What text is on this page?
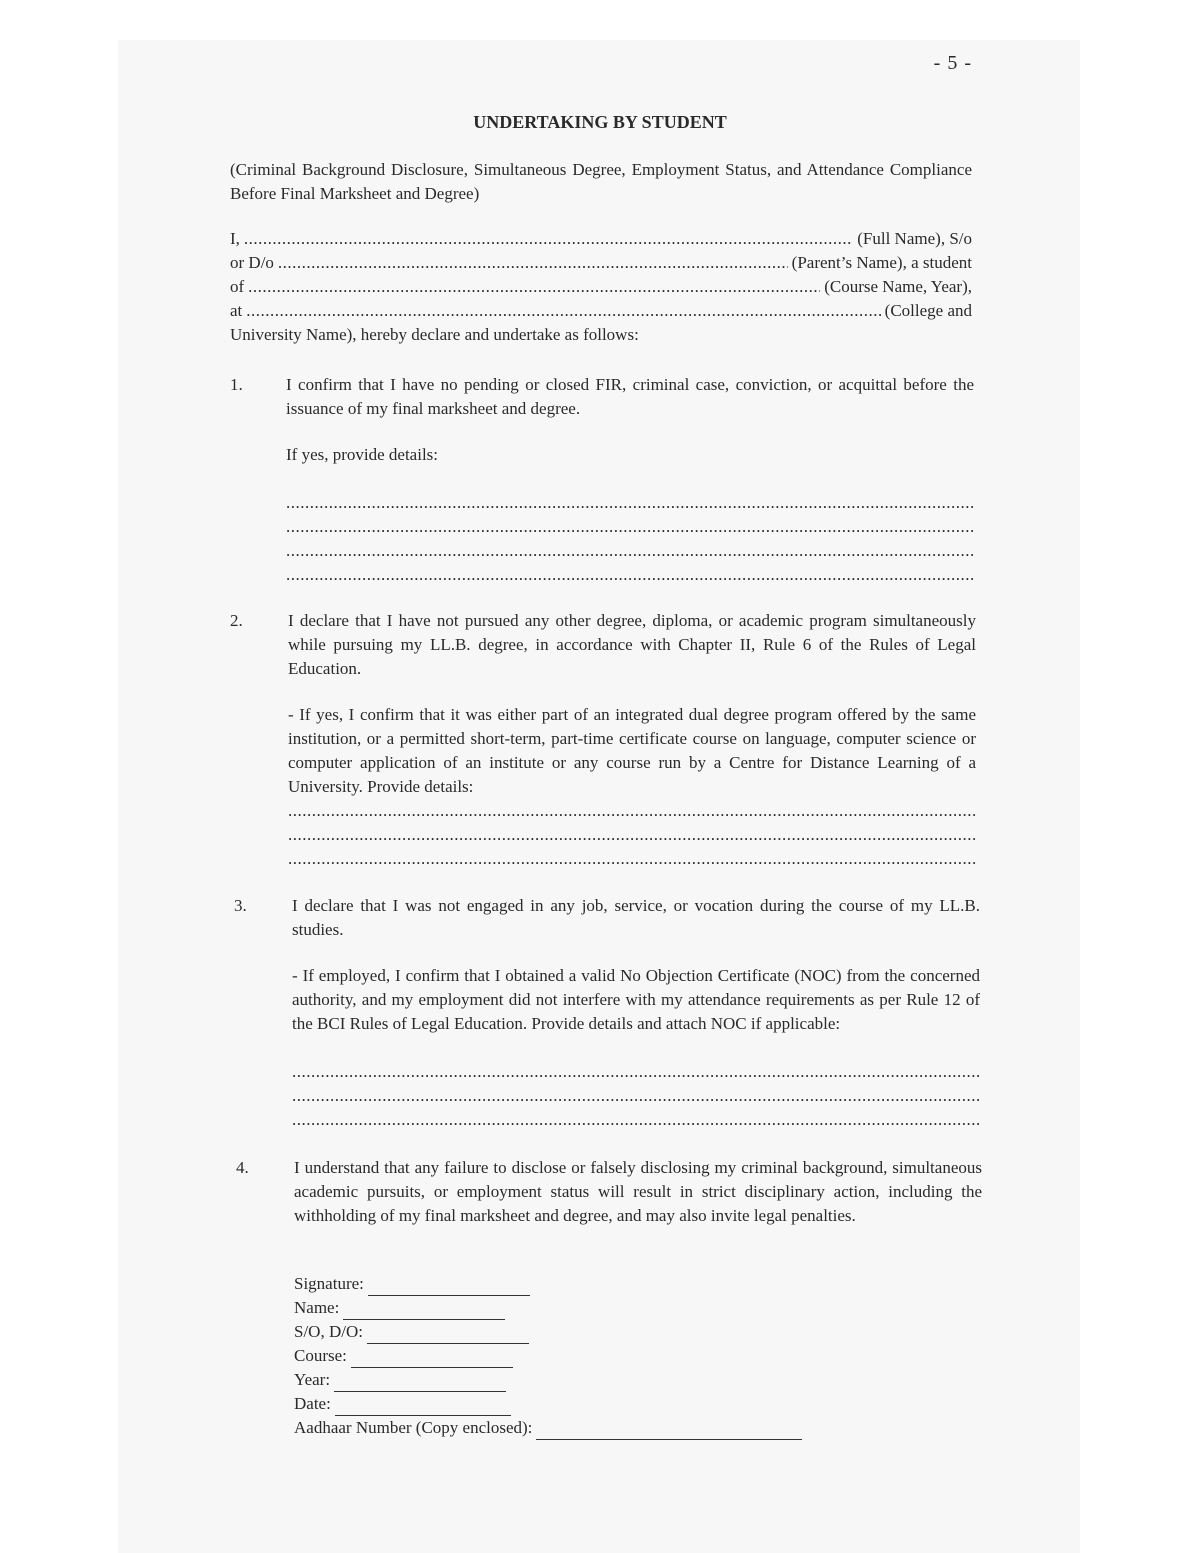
- 5 -
UNDERTAKING BY STUDENT
(Criminal Background Disclosure, Simultaneous Degree, Employment Status, and Attendance Compliance Before Final Marksheet and Degree)
I, .....	(Full Name), S/o
or D/o .....	(Parent’s Name), a student
of .....	(Course Name, Year),
at .....	(College and
University Name), hereby declare and undertake as follows:
1.	I confirm that I have no pending or closed FIR, criminal case, conviction, or acquittal before the issuance of my final marksheet and degree.
If yes, provide details:
.....
.....
.....
.....
2.	I declare that I have not pursued any other degree, diploma, or academic program simultaneously while pursuing my LL.B. degree, in accordance with Chapter II, Rule 6 of the Rules of Legal Education.
- If yes, I confirm that it was either part of an integrated dual degree program offered by the same institution, or a permitted short-term, part-time certificate course on language, computer science or computer application of an institute or any course run by a Centre for Distance Learning of a University. Provide details:
.....
.....
.....
3.	I declare that I was not engaged in any job, service, or vocation during the course of my LL.B. studies.
- If employed, I confirm that I obtained a valid No Objection Certificate (NOC) from the concerned authority, and my employment did not interfere with my attendance requirements as per Rule 12 of the BCI Rules of Legal Education. Provide details and attach NOC if applicable:
.....
.....
.....
4.	I understand that any failure to disclose or falsely disclosing my criminal background, simultaneous academic pursuits, or employment status will result in strict disciplinary action, including the withholding of my final marksheet and degree, and may also invite legal penalties.
Signature:
Name:
S/O, D/O:
Course:
Year:
Date:
Aadhaar Number (Copy enclosed):
